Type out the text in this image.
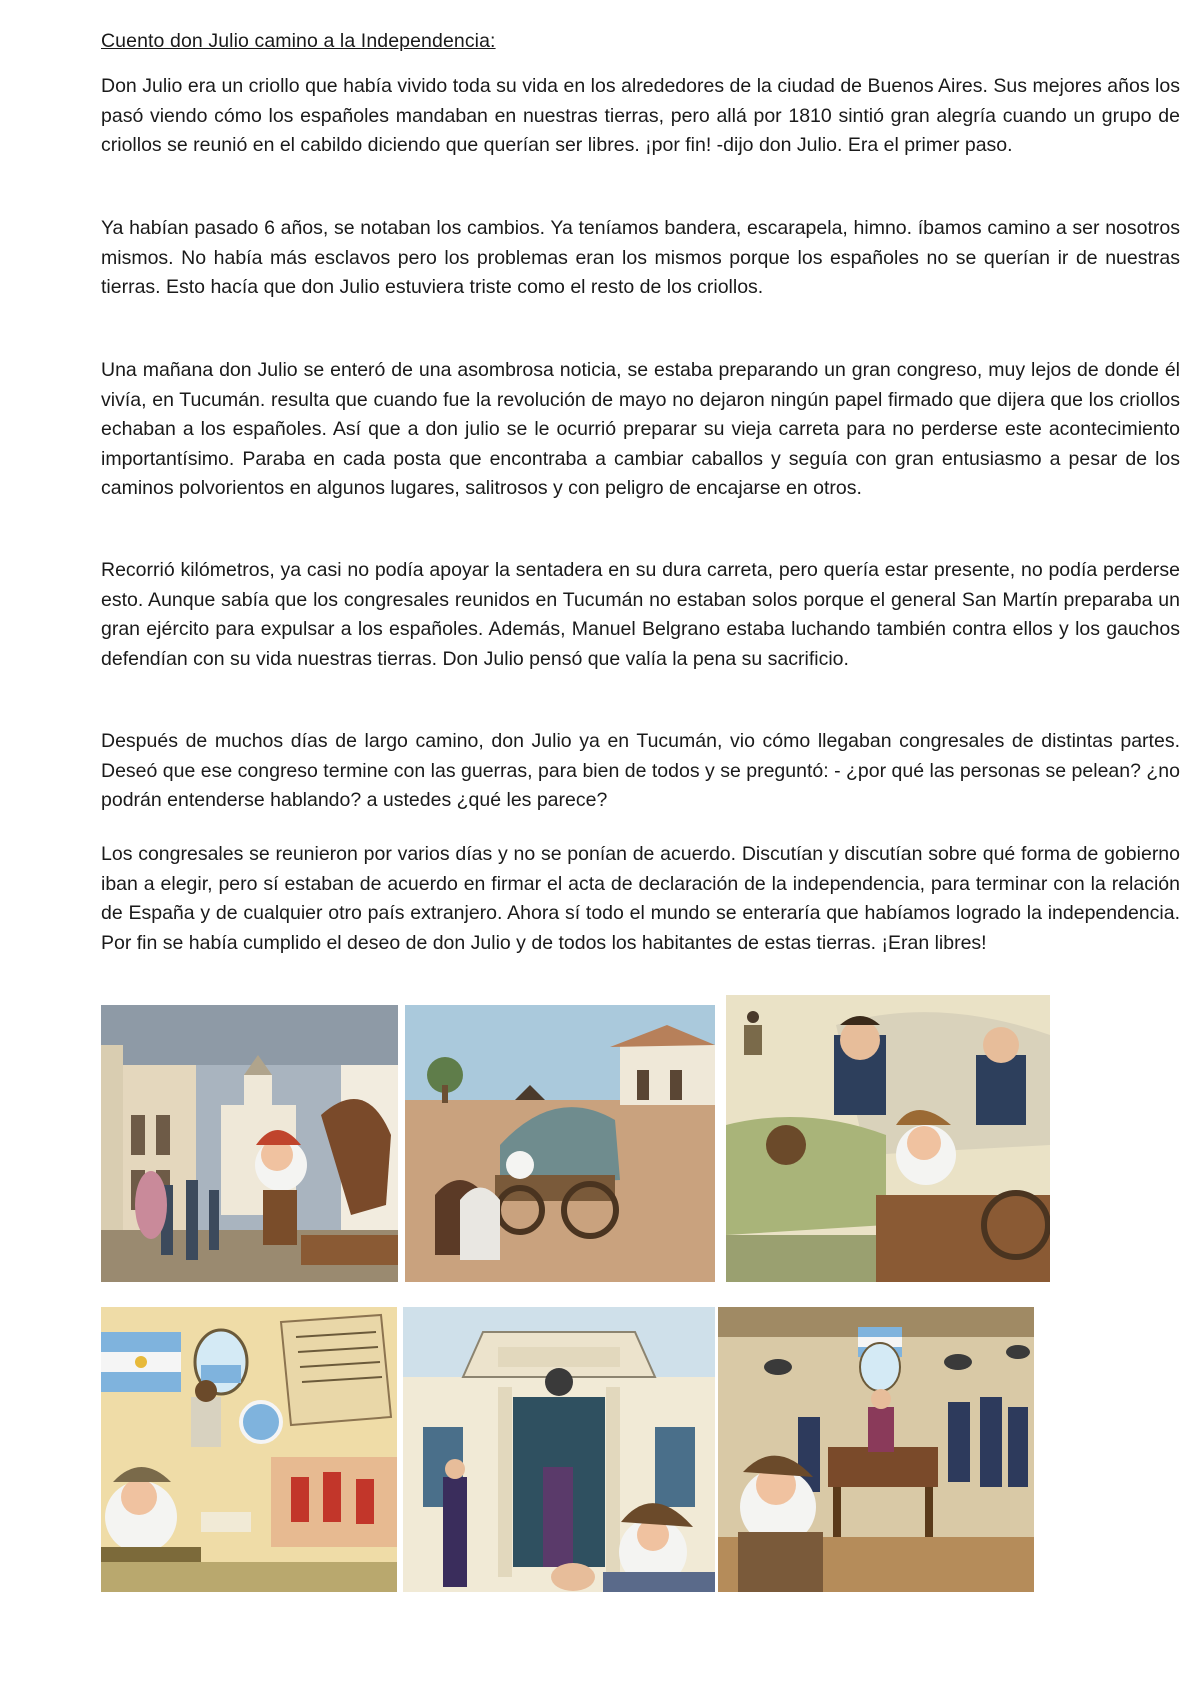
Cuento don Julio camino a la Independencia:

Don Julio era un criollo que había vivido toda su vida en los alrededores de la ciudad de Buenos Aires. Sus mejores años los pasó viendo cómo los españoles mandaban en nuestras tierras, pero allá por 1810 sintió gran alegría cuando un grupo de criollos se reunió en el cabildo diciendo que querían ser libres. ¡por fin! -dijo don Julio. Era el primer paso.

Ya habían pasado 6 años, se notaban los cambios. Ya teníamos bandera, escarapela, himno. íbamos camino a ser nosotros mismos. No había más esclavos pero los problemas eran los mismos porque los españoles no se querían ir de nuestras tierras. Esto hacía que don Julio estuviera triste como el resto de los criollos.

Una mañana don Julio se enteró de una asombrosa noticia, se estaba preparando un gran congreso, muy lejos de donde él vivía, en Tucumán. resulta que cuando fue la revolución de mayo no dejaron ningún papel firmado que dijera que los criollos echaban a los españoles. Así que a don julio se le ocurrió preparar su vieja carreta para no perderse este acontecimiento importantísimo. Paraba en cada posta que encontraba a cambiar caballos y seguía con gran entusiasmo a pesar de los caminos polvorientos en algunos lugares, salitrosos y con peligro de encajarse en otros.

Recorrió kilómetros, ya casi no podía apoyar la sentadera en su dura carreta, pero quería estar presente, no podía perderse esto. Aunque sabía que los congresales reunidos en Tucumán no estaban solos porque el general San Martín preparaba un gran ejército para expulsar a los españoles. Además, Manuel Belgrano estaba luchando también contra ellos y los gauchos defendían con su vida nuestras tierras. Don Julio pensó que valía la pena su sacrificio.

Después de muchos días de largo camino, don Julio ya en Tucumán, vio cómo llegaban congresales de distintas partes. Deseó que ese congreso termine con las guerras, para bien de todos y se preguntó: - ¿por qué las personas se pelean? ¿no podrán entenderse hablando? a ustedes ¿qué les parece?

Los congresales se reunieron por varios días y no se ponían de acuerdo. Discutían y discutían sobre qué forma de gobierno iban a elegir, pero sí estaban de acuerdo en firmar el acta de declaración de la independencia, para terminar con la relación de España y de cualquier otro país extranjero. Ahora sí todo el mundo se enteraría que habíamos logrado la independencia. Por fin se había cumplido el deseo de don Julio y de todos los habitantes de estas tierras. ¡Eran libres!
